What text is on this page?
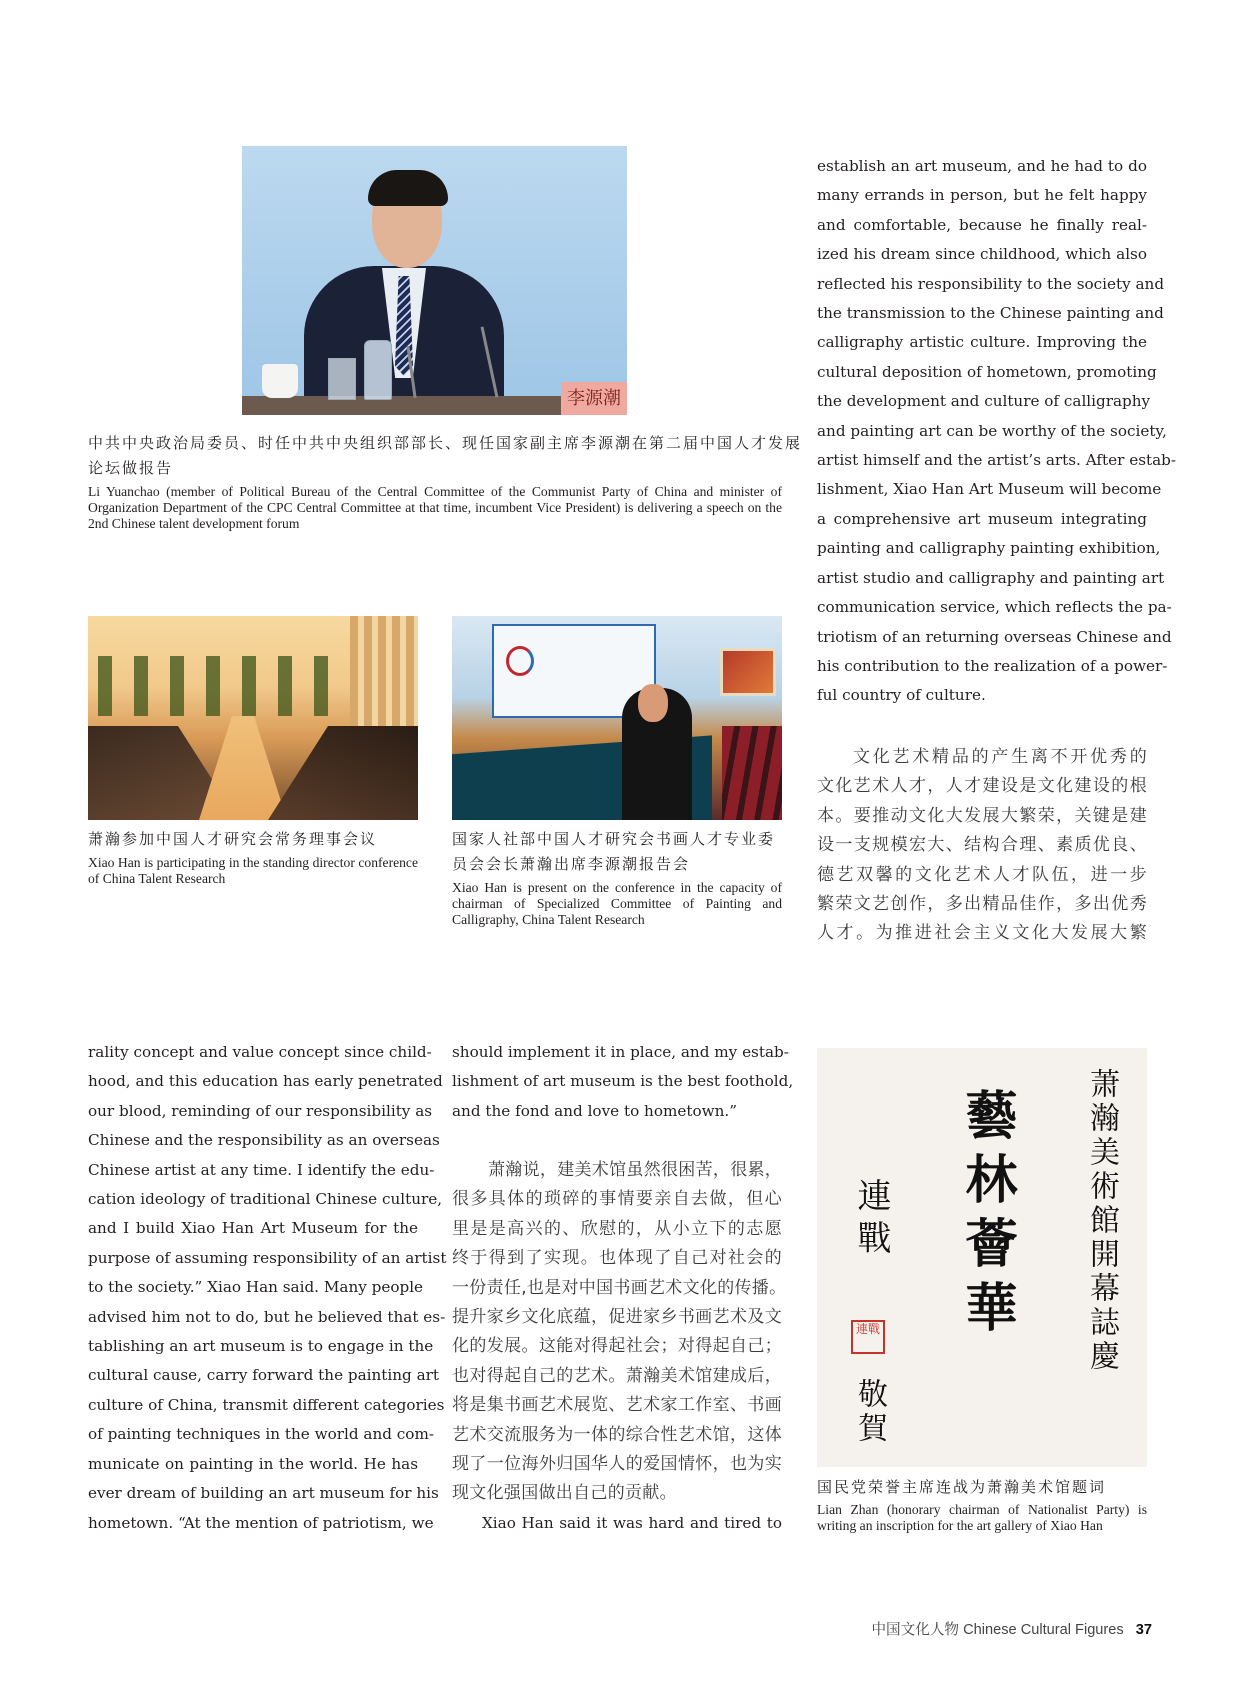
李源潮
中共中央政治局委员、时任中共中央组织部部长、现任国家副主席李源潮在第二届中国人才发展
论坛做报告
Li Yuanchao (member of Political Bureau of the Central Committee of the Communist Party of China and minister of Organization Department of the CPC Central Committee at that time, incumbent Vice President) is delivering a speech on the 2nd Chinese talent development forum
萧瀚参加中国人才研究会常务理事会议
Xiao Han is participating in the standing director conference of China Talent Research
国家人社部中国人才研究会书画人才专业委
员会会长萧瀚出席李源潮报告会
Xiao Han is present on the conference in the capacity of chairman of Specialized Committee of Painting and Calligraphy, China Talent Research
establish an art museum, and he had to do
many errands in person, but he felt happy
and comfortable, because he finally real-
ized his dream since childhood, which also
reflected his responsibility to the society and
the transmission to the Chinese painting and
calligraphy artistic culture. Improving the
cultural deposition of hometown, promoting
the development and culture of calligraphy
and painting art can be worthy of the society,
artist himself and the artist’s arts. After estab-
lishment, Xiao Han Art Museum will become
a comprehensive art museum integrating
painting and calligraphy painting exhibition,
artist studio and calligraphy and painting art
communication service, which reflects the pa-
triotism of an returning overseas Chinese and
his contribution to the realization of a power-
ful country of culture.
文化艺术精品的产生离不开优秀的
文化艺术人才，人才建设是文化建设的根
本。要推动文化大发展大繁荣，关键是建
设一支规模宏大、结构合理、素质优良、
德艺双馨的文化艺术人才队伍，进一步
繁荣文艺创作，多出精品佳作，多出优秀
人才。为推进社会主义文化大发展大繁
rality concept and value concept since child-
hood, and this education has early penetrated
our blood, reminding of our responsibility as
Chinese and the responsibility as an overseas
Chinese artist at any time. I identify the edu-
cation ideology of traditional Chinese culture,
and I build Xiao Han Art Museum for the
purpose of assuming responsibility of an artist
to the society.” Xiao Han said. Many people
advised him not to do, but he believed that es-
tablishing an art museum is to engage in the
cultural cause, carry forward the painting art
culture of China, transmit different categories
of painting techniques in the world and com-
municate on painting in the world. He has
ever dream of building an art museum for his
hometown. “At the mention of patriotism, we
should implement it in place, and my estab-
lishment of art museum is the best foothold,
and the fond and love to hometown.”
萧瀚说，建美术馆虽然很困苦，很累，
很多具体的琐碎的事情要亲自去做，但心
里是是高兴的、欣慰的，从小立下的志愿
终于得到了实现。也体现了自己对社会的
一份责任,也是对中国书画艺术文化的传播。
提升家乡文化底蕴，促进家乡书画艺术及文
化的发展。这能对得起社会；对得起自己；
也对得起自己的艺术。萧瀚美术馆建成后，
将是集书画艺术展览、艺术家工作室、书画
艺术交流服务为一体的综合性艺术馆，这体
现了一位海外归国华人的爱国情怀，也为实
现文化强国做出自己的贡献。
Xiao Han said it was hard and tired to
萧瀚美術館開幕誌慶
藝林薈華
連戰
連戰
敬賀
国民党荣誉主席连战为萧瀚美术馆题词
Lian Zhan (honorary chairman of Nationalist Party) is writing an inscription for the art gallery of Xiao Han
中国文化人物 Chinese Cultural Figures 37
